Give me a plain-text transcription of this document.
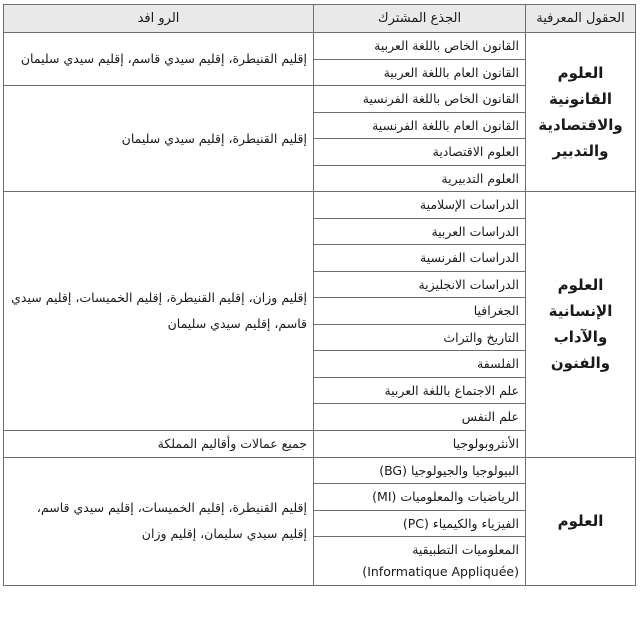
الحقول المعرفية	الجذع المشترك	الرو افد
العلوم القانونية والاقتصادية والتدبير	القانون الخاص باللغة العربية	إقليم القنيطرة، إقليم سيدي قاسم، إقليم سيدي سليمان
	القانون العام باللغة العربية	
	القانون الخاص باللغة الفرنسية	إقليم القنيطرة، إقليم سيدي سليمان
	القانون العام باللغة الفرنسية	
	العلوم الاقتصادية	
	العلوم التدبيرية	
العلوم الإنسانية والآداب والفنون	الدراسات الإسلامية	إقليم وزان، إقليم القنيطرة، إقليم الخميسات، إقليم سيدي قاسم، إقليم سيدي سليمان
	الدراسات العربية	
	الدراسات الفرنسية	
	الدراسات الانجليزية	
	الجغرافيا	
	التاريخ والتراث	
	الفلسفة	
	علم الاجتماع باللغة العربية	
	علم النفس	
	الأنثروبولوجيا	جميع عمالات وأقاليم المملكة
العلوم	البيولوجيا والجيولوجيا (BG)	إقليم القنيطرة، إقليم الخميسات، إقليم سيدي قاسم، إقليم سيدي سليمان، إقليم وزان
	الرياضيات والمعلوميات (MI)	
	الفيزياء والكيمياء (PC)	

	المعلوميات التطبيقية
(Informatique Appliquée)	
